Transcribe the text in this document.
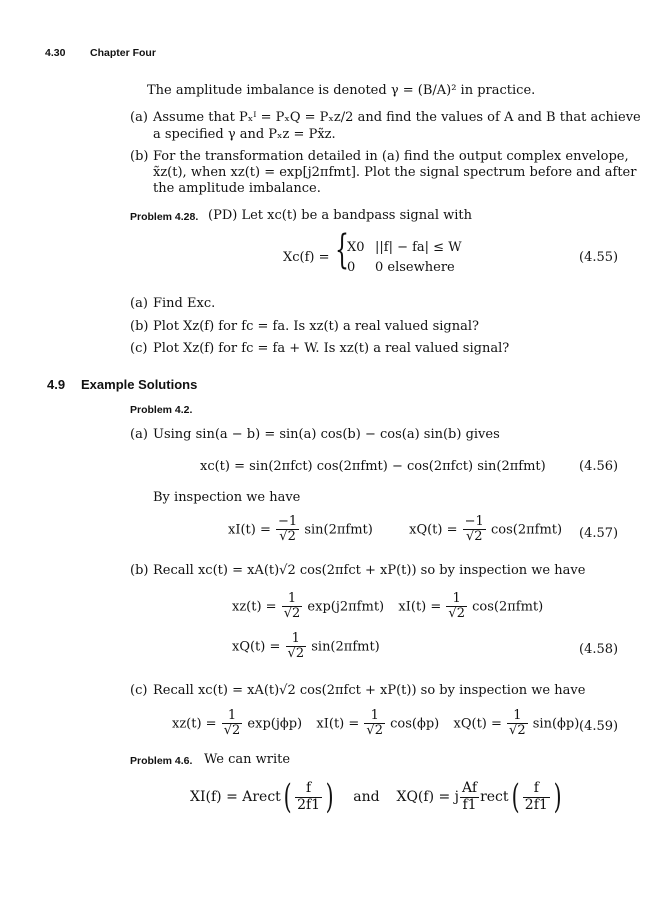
4.30 Chapter Four
The amplitude imbalance is denoted γ = (B/A)² in practice.
(a) Assume that Pₓᴵ = PₓQ = Pₓz/2 and find the values of A and B that achieve
a specified γ and Pₓz = Px̃z.
(b) For the transformation detailed in (a) find the output complex envelope,
x̃z(t), when xz(t) = exp[j2πfmt]. Plot the signal spectrum before and after
the amplitude imbalance.
Problem 4.28. (PD) Let xc(t) be a bandpass signal with
Xc(f) = {
X0 ||f| − fa| ≤ W
0 0 elsewhere
(4.55)
(a) Find Exc.
(b) Plot Xz(f) for fc = fa. Is xz(t) a real valued signal?
(c) Plot Xz(f) for fc = fa + W. Is xz(t) a real valued signal?
4.9 Example Solutions
Problem 4.2.
(a) Using sin(a − b) = sin(a) cos(b) − cos(a) sin(b) gives
xc(t) = sin(2πfct) cos(2πfmt) − cos(2πfct) sin(2πfmt)	(4.56)
By inspection we have
$xI(t) = \frac{-1}{√2} \sin(2\pi fmt)$	$xQ(t) = \frac{-1}{√2} \cos(2\pi fmt)$ (4.57)
(b) Recall xc(t) = xA(t)√2 cos(2πfct + xP(t)) so by inspection we have
$xz(t) = \frac{1}{√2} \exp(j2\pi fmt) xI(t) = \frac{1}{√2} \cos(2\pi fmt)$
$xQ(t) = \frac{1}{√2} \sin(2\pi fmt)$	(4.58)
(c) Recall xc(t) = xA(t)√2 cos(2πfct + xP(t)) so by inspection we have
$xz(t) = \frac{1}{√2} \exp(j\phi p) xI(t) = \frac{1}{√2} \cos(\phi p) xQ(t) = \frac{1}{√2} \sin(\phi p)$ (4.59)
Problem 4.6. We can write
XI(f) = Arect( $\frac{f}{2f1}$ ) and XQ(f) = j $\frac{Af}{f1}$ rect( $\frac{f}{2f1}$ )
